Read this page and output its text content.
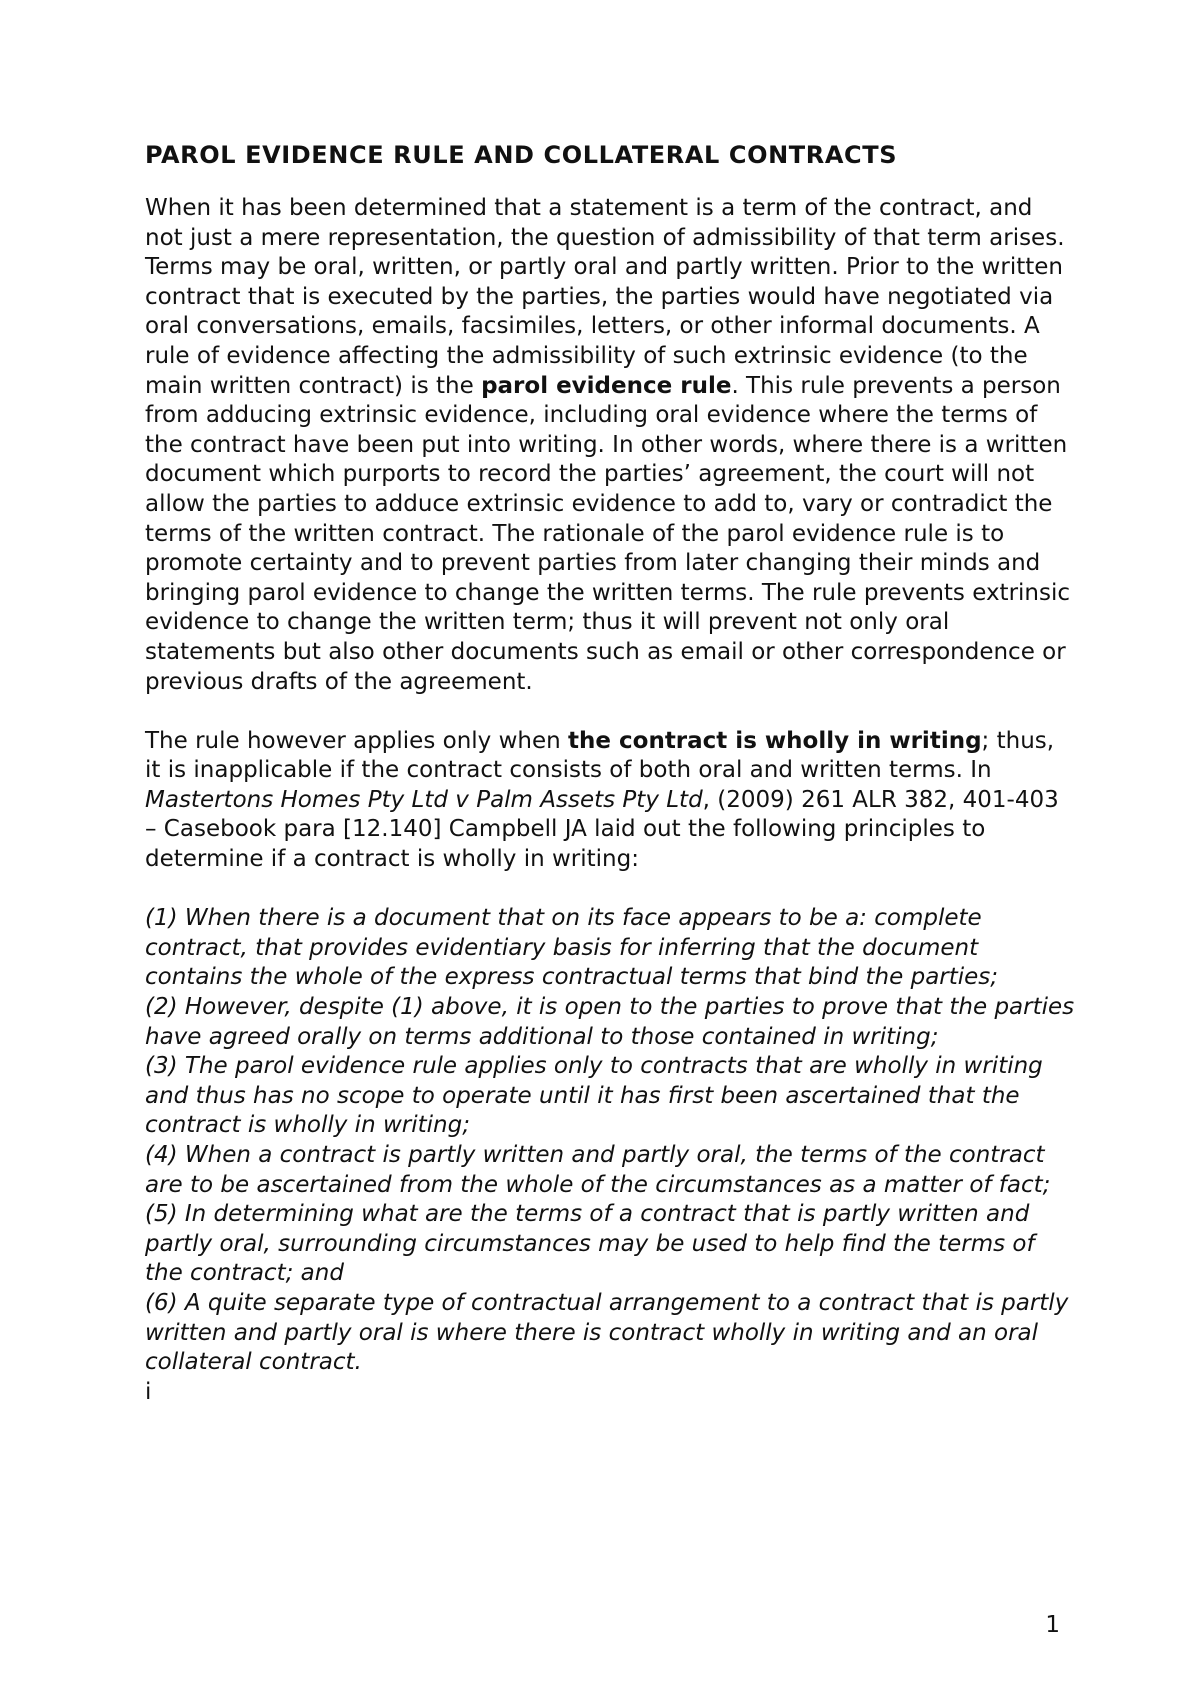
PAROL EVIDENCE RULE AND COLLATERAL CONTRACTS

When it has been determined that a statement is a term of the contract, and not just a mere representation, the question of admissibility of that term arises. Terms may be oral, written, or partly oral and partly written. Prior to the written contract that is executed by the parties, the parties would have negotiated via oral conversations, emails, facsimiles, letters, or other informal documents. A rule of evidence affecting the admissibility of such extrinsic evidence (to the main written contract) is the parol evidence rule. This rule prevents a person from adducing extrinsic evidence, including oral evidence where the terms of the contract have been put into writing. In other words, where there is a written document which purports to record the parties’ agreement, the court will not allow the parties to adduce extrinsic evidence to add to, vary or contradict the terms of the written contract. The rationale of the parol evidence rule is to promote certainty and to prevent parties from later changing their minds and bringing parol evidence to change the written terms. The rule prevents extrinsic evidence to change the written term; thus it will prevent not only oral statements but also other documents such as email or other correspondence or previous drafts of the agreement.

The rule however applies only when the contract is wholly in writing; thus, it is inapplicable if the contract consists of both oral and written terms. In Mastertons Homes Pty Ltd v Palm Assets Pty Ltd, (2009) 261 ALR 382, 401-403 – Casebook para [12.140] Campbell JA laid out the following principles to
determine if a contract is wholly in writing:

(1) When there is a document that on its face appears to be a: complete contract, that provides evidentiary basis for inferring that the document contains the whole of the express contractual terms that bind the parties;
(2) However, despite (1) above, it is open to the parties to prove that the parties have agreed orally on terms additional to those contained in writing;
(3) The parol evidence rule applies only to contracts that are wholly in writing and thus has no scope to operate until it has first been ascertained that the contract is wholly in writing;
(4) When a contract is partly written and partly oral, the terms of the contract are to be ascertained from the whole of the circumstances as a matter of fact;
(5) In determining what are the terms of a contract that is partly written and partly oral, surrounding circumstances may be used to help find the terms of the contract; and
(6) A quite separate type of contractual arrangement to a contract that is partly written and partly oral is where there is contract wholly in writing and an oral collateral contract.
i
1
